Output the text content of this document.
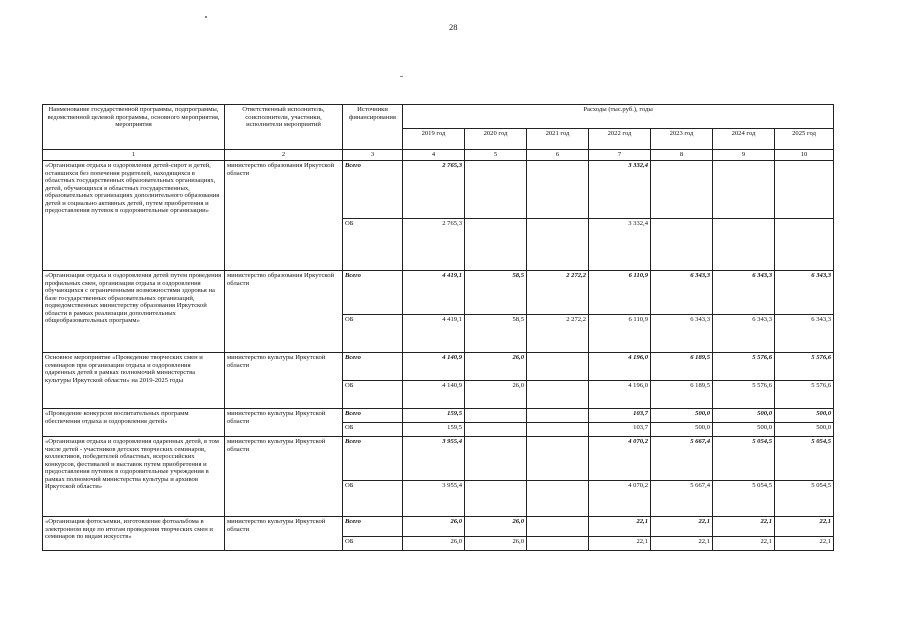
28
Наименование государственной программы, подпрограммы, ведомственной целевой программы, основного мероприятия, мероприятия	Ответственный исполнитель, соисполнители, участники, исполнители мероприятий	Источники финансирования	Расходы (тыс.руб.), годы						
			2019 год	2020 год	2021 год	2022 год	2023 год	2024 год	2025 год
1	2	3	4	5	6	7	8	9	10
«Организация отдыха и оздоровления детей-сирот и детей, оставшихся без попечения родителей, находящихся в областных государственных образовательных организациях, детей, обучающихся в областных государственных, образовательных организациях дополнительного образования детей и социально активных детей, путем приобретения и предоставления путевок в оздоровительные организации»	министерство образования Иркутской области	Всего	2 765,3			3 332,4			
		ОБ	2 765,3			3 332,4			
«Организация отдыха и оздоровления детей путем проведения профильных смен, организация отдыха и оздоровления обучающихся с ограниченными возможностями здоровья на базе государственных образовательных организаций, подведомственных министерству образования Иркутской области в рамках реализации дополнительных общеобразовательных программ»	министерство образования Иркутской области	Всего	4 419,1	58,5	2 272,2	6 110,9	6 343,3	6 343,3	6 343,3
		ОБ	4 419,1	58,5	2 272,2	6 110,9	6 343,3	6 343,3	6 343,3
Основное мероприятие «Проведение творческих смен и семинаров при организации отдыха и оздоровления одаренных детей в рамках полномочий министерства культуры Иркутской области» на 2019-2025 годы	министерство культуры Иркутской области	Всего	4 140,9	26,0		4 196,0	6 189,5	5 576,6	5 576,6
		ОБ	4 140,9	26,0		4 196,0	6 189,5	5 576,6	5 576,6
«Проведение конкурсов воспитательных программ обеспечения отдыха и оздоровления детей»	министерство культуры Иркутской области	Всего	159,5			103,7	500,0	500,0	500,0
		ОБ	159,5			103,7	500,0	500,0	500,0
«Организация отдыха и оздоровления одаренных детей, в том числе детей - участников детских творческих семинаров, коллективов, победителей областных, всероссийских конкурсов, фестивалей и выставок путем приобретения и предоставления путевок в оздоровительные учреждения в рамках полномочий министерства культуры и архивов Иркутской области»	министерство культуры Иркутской области	Всего	3 955,4			4 070,2	5 667,4	5 054,5	5 054,5
		ОБ	3 955,4			4 070,2	5 667,4	5 054,5	5 054,5
«Организация фотосъемки, изготовление фотоальбома в электронном виде по итогам проведения творческих смен и семинаров по видам искусств»	министерство культуры Иркутской области	Всего	26,0	26,0		22,1	22,1	22,1	22,1
		ОБ	26,0	26,0		22,1	22,1	22,1	22,1
